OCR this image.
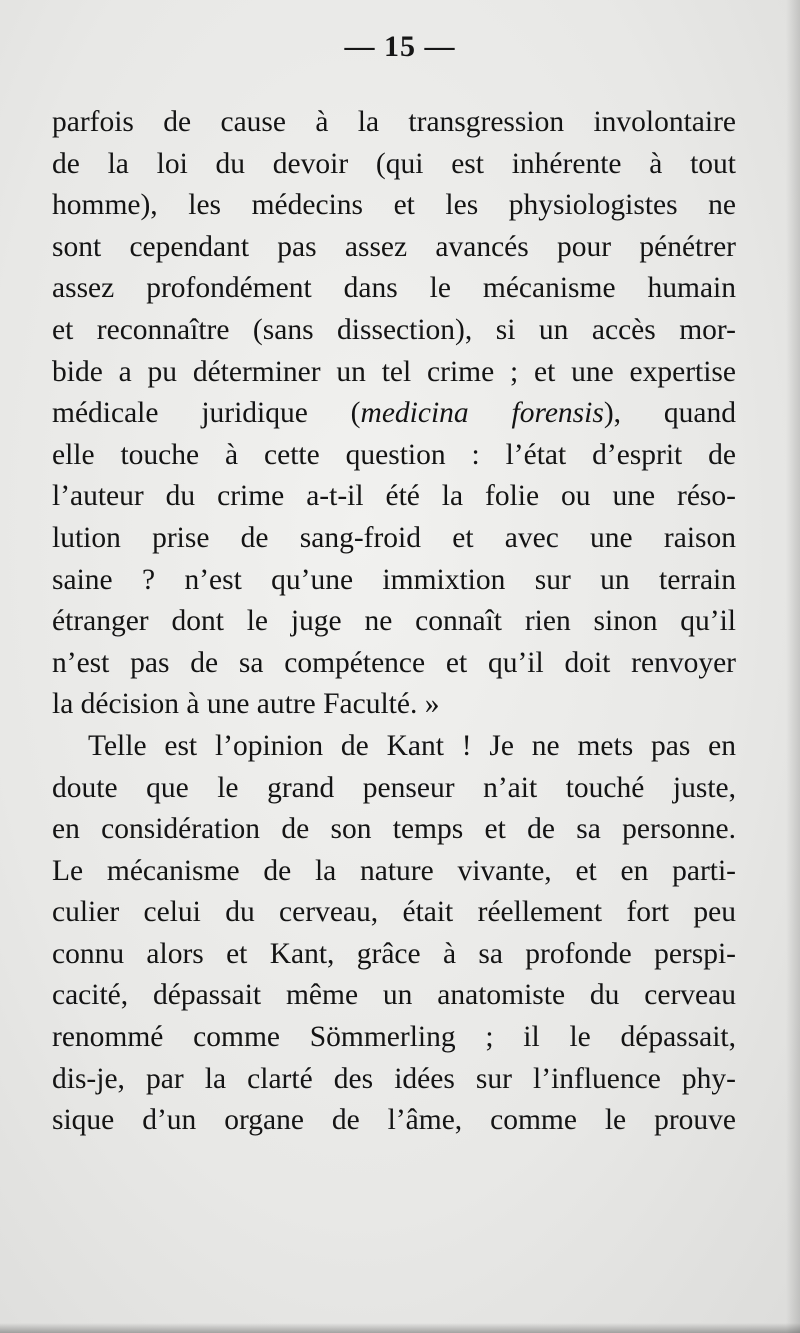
— 15 —
parfois de cause à la transgression involontaire
de la loi du devoir (qui est inhérente à tout
homme), les médecins et les physiologistes ne
sont cependant pas assez avancés pour pénétrer
assez profondément dans le mécanisme humain
et reconnaître (sans dissection), si un accès mor-
bide a pu déterminer un tel crime ; et une expertise
médicale juridique (medicina forensis), quand
elle touche à cette question : l’état d’esprit de
l’auteur du crime a-t-il été la folie ou une réso-
lution prise de sang-froid et avec une raison
saine ? n’est qu’une immixtion sur un terrain
étranger dont le juge ne connaît rien sinon qu’il
n’est pas de sa compétence et qu’il doit renvoyer
la décision à une autre Faculté. »
Telle est l’opinion de Kant ! Je ne mets pas en
doute que le grand penseur n’ait touché juste,
en considération de son temps et de sa personne.
Le mécanisme de la nature vivante, et en parti-
culier celui du cerveau, était réellement fort peu
connu alors et Kant, grâce à sa profonde perspi-
cacité, dépassait même un anatomiste du cerveau
renommé comme Sömmerling ; il le dépassait,
dis-je, par la clarté des idées sur l’influence phy-
sique d’un organe de l’âme, comme le prouve
